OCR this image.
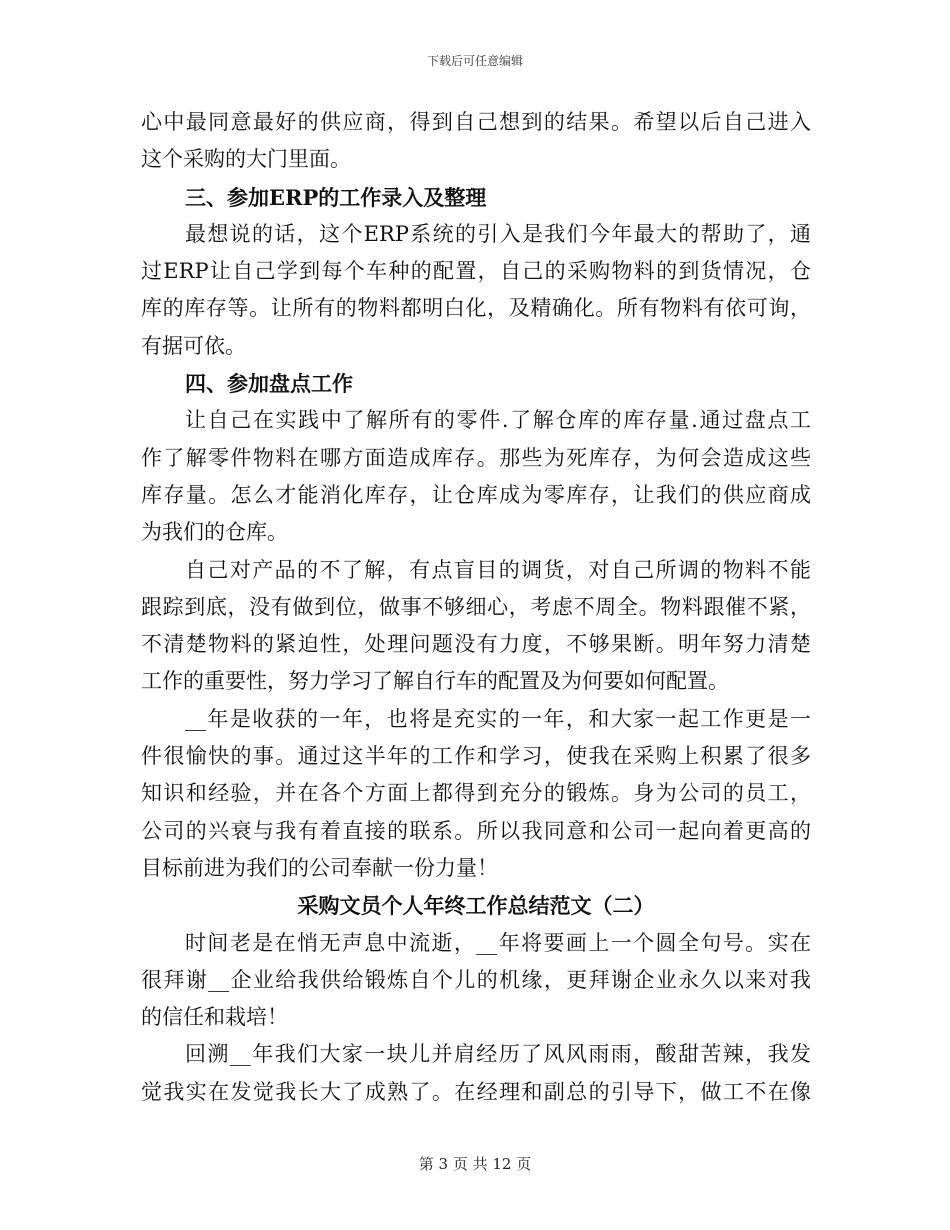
下载后可任意编辑
心中最同意最好的供应商，得到自己想到的结果。希望以后自己进入
这个采购的大门里面。
三、参加ERP的工作录入及整理
最想说的话，这个ERP系统的引入是我们今年最大的帮助了，通
过ERP让自己学到每个车种的配置，自己的采购物料的到货情况，仓
库的库存等。让所有的物料都明白化，及精确化。所有物料有依可询，
有据可依。
四、参加盘点工作
让自己在实践中了解所有的零件.了解仓库的库存量.通过盘点工
作了解零件物料在哪方面造成库存。那些为死库存，为何会造成这些
库存量。怎么才能消化库存，让仓库成为零库存，让我们的供应商成
为我们的仓库。
自己对产品的不了解，有点盲目的调货，对自己所调的物料不能
跟踪到底，没有做到位，做事不够细心，考虑不周全。物料跟催不紧，
不清楚物料的紧迫性，处理问题没有力度，不够果断。明年努力清楚
工作的重要性，努力学习了解自行车的配置及为何要如何配置。
__年是收获的一年，也将是充实的一年，和大家一起工作更是一
件很愉快的事。通过这半年的工作和学习，使我在采购上积累了很多
知识和经验，并在各个方面上都得到充分的锻炼。身为公司的员工，
公司的兴衰与我有着直接的联系。所以我同意和公司一起向着更高的
目标前进为我们的公司奉献一份力量！
采购文员个人年终工作总结范文（二）
时间老是在悄无声息中流逝，__年将要画上一个圆全句号。实在
很拜谢__企业给我供给锻炼自个儿的机缘，更拜谢企业永久以来对我
的信任和栽培！
回溯__年我们大家一块儿并肩经历了风风雨雨，酸甜苦辣，我发
觉我实在发觉我长大了成熟了。在经理和副总的引导下，做工不在像
第 3 页 共 12 页
